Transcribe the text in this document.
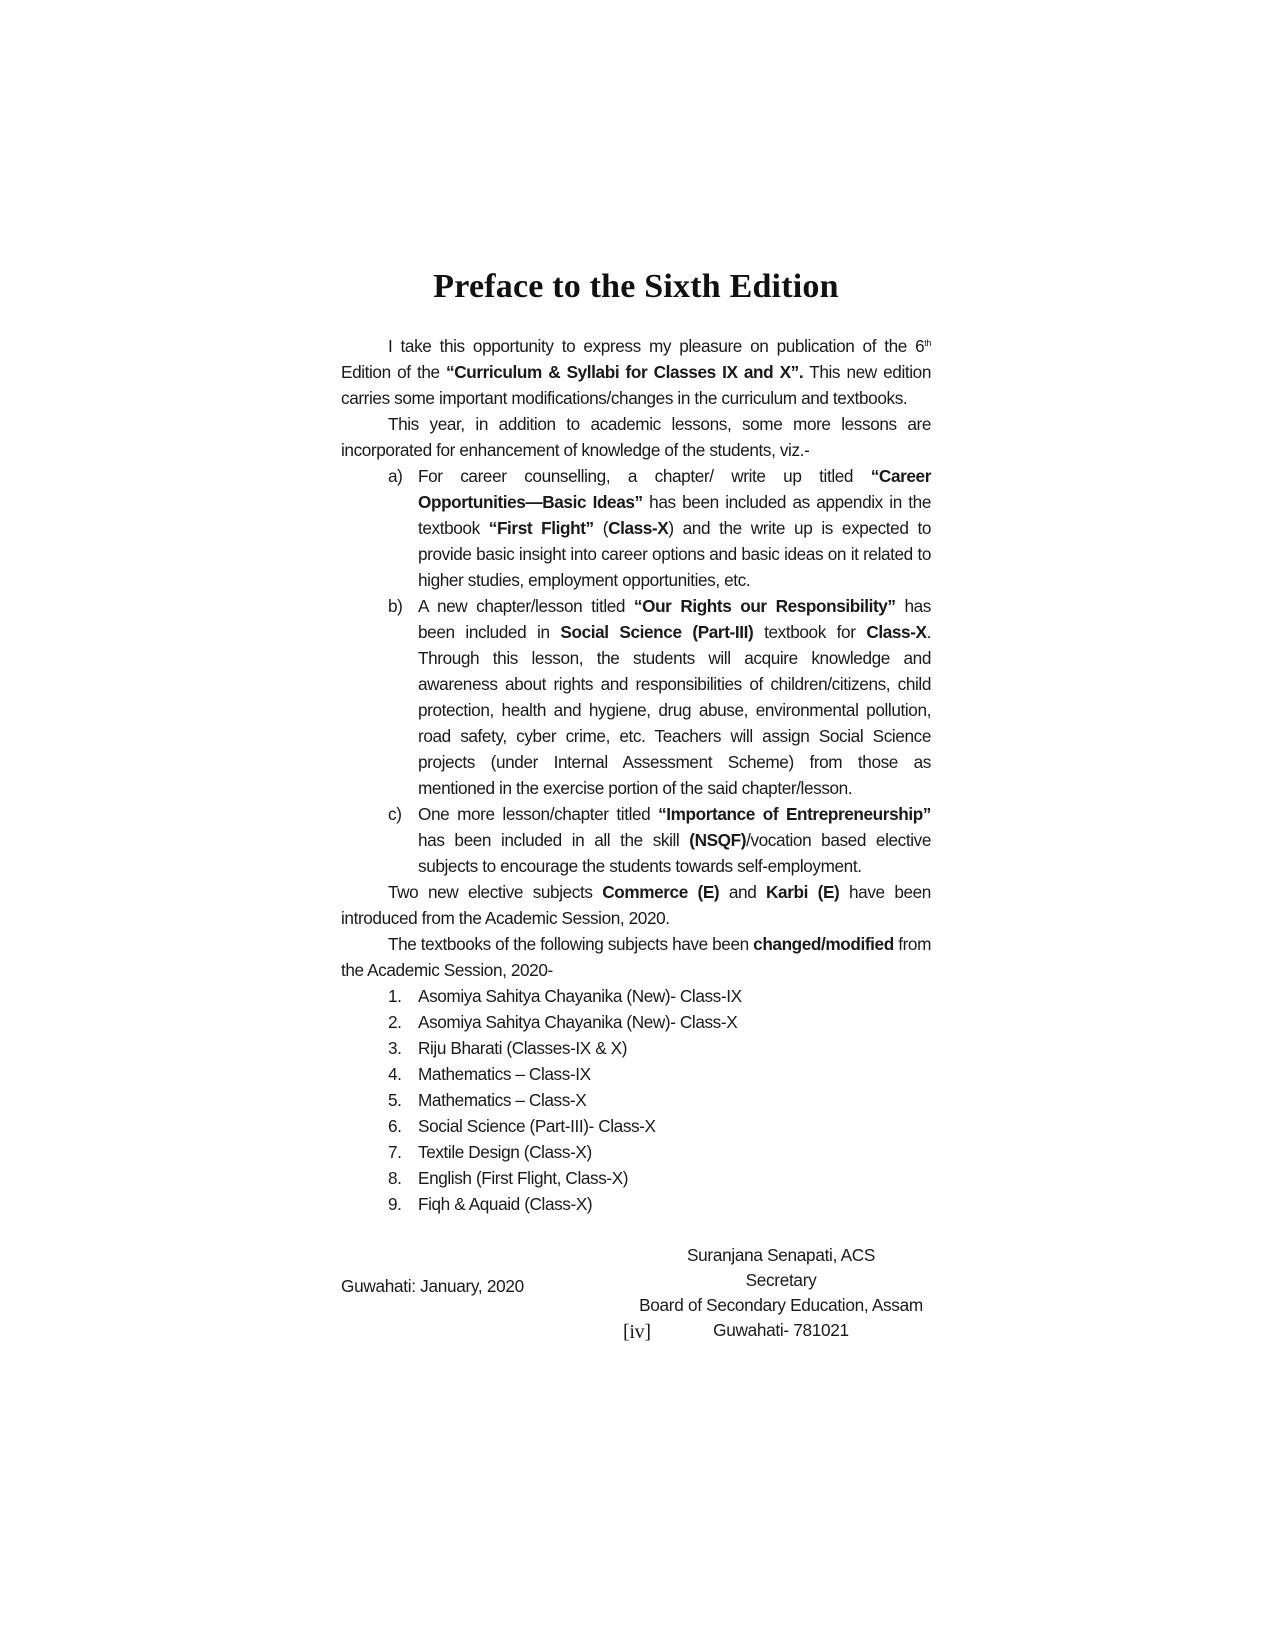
Preface to the Sixth Edition

I take this opportunity to express my pleasure on publication of the 6th Edition of the “Curriculum & Syllabi for Classes IX and X”. This new edition carries some important modifications/changes in the curriculum and textbooks.

This year, in addition to academic lessons, some more lessons are incorporated for enhancement of knowledge of the students, viz.-

a) For career counselling, a chapter/ write up titled “Career Opportunities—Basic Ideas” has been included as appendix in the textbook “First Flight” (Class-X) and the write up is expected to provide basic insight into career options and basic ideas on it related to higher studies, employment opportunities, etc.
b) A new chapter/lesson titled “Our Rights our Responsibility” has been included in Social Science (Part-III) textbook for Class-X. Through this lesson, the students will acquire knowledge and awareness about rights and responsibilities of children/citizens, child protection, health and hygiene, drug abuse, environmental pollution, road safety, cyber crime, etc. Teachers will assign Social Science projects (under Internal Assessment Scheme) from those as mentioned in the exercise portion of the said chapter/lesson.
c) One more lesson/chapter titled “Importance of Entrepreneurship” has been included in all the skill (NSQF)/vocation based elective subjects to encourage the students towards self-employment.

Two new elective subjects Commerce (E) and Karbi (E) have been introduced from the Academic Session, 2020.

The textbooks of the following subjects have been changed/modified from the Academic Session, 2020-

1. Asomiya Sahitya Chayanika (New)- Class-IX
2. Asomiya Sahitya Chayanika (New)- Class-X
3. Riju Bharati (Classes-IX & X)
4. Mathematics – Class-IX
5. Mathematics – Class-X
6. Social Science (Part-III)- Class-X
7. Textile Design (Class-X)
8. English (First Flight, Class-X)
9. Fiqh & Aquaid (Class-X)
Guwahati: January, 2020
Suranjana Senapati, ACS
Secretary
Board of Secondary Education, Assam
Guwahati- 781021
[iv]
